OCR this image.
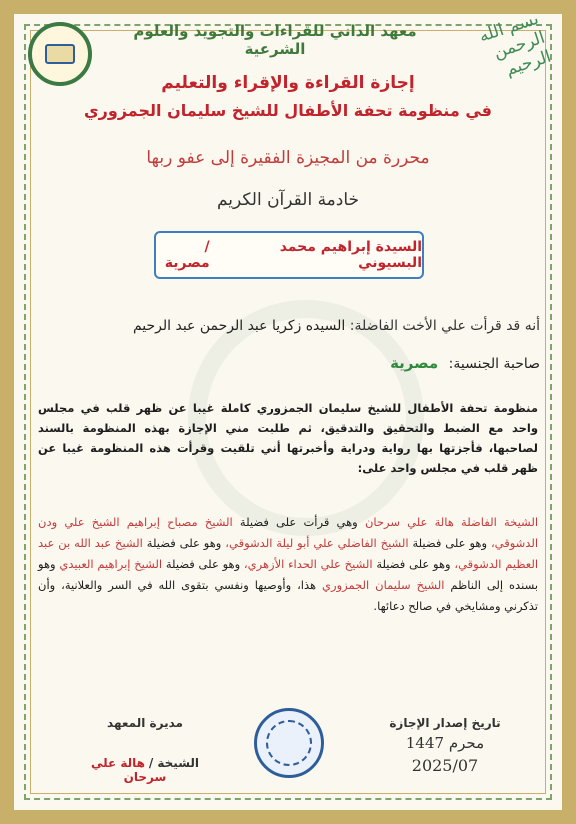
معهد الداني للقراءات والتجويد والعلوم الشرعية
بسم الله الرحمن الرحيم
إجازة القراءة والإقراء والتعليم
في منظومة تحفة الأطفال للشيخ سليمان الجمزوري
محررة من المجيزة الفقيرة إلى عفو ربها
خادمة القرآن الكريم
السيدة إبراهيم محمد البسيوني
/ مصرية
أنه قد قرأت علي الأخت الفاضلة: السيده زكريا عبد الرحمن عبد الرحيم
صاحبة الجنسية: مصرية
منظومة تحفة الأطفال للشيخ سليمان الجمزوري كاملة غيبا عن ظهر قلب في مجلس واحد مع الضبط والتحقيق والتدقيق، ثم طلبت مني الإجازة بهذه المنظومة بالسند لصاحبها، فأجزتها بها رواية ودراية وأخبرتها أني تلقيت وقرأت هذه المنظومة غيبا عن ظهر قلب في مجلس واحد على:
الشيخة الفاضلة هالة علي سرحان وهي قرأت على فضيلة الشيخ مصباح إبراهيم الشيخ علي ودن الدشوقي، وهو على فضيلة الشيخ الفاضلي علي أبو ليلة الدشوقي، وهو على فضيلة الشيخ عبد الله بن عبد العظيم الدشوقي، وهو على فضيلة الشيخ علي الحداء الأزهري، وهو على فضيلة الشيخ إبراهيم العبيدي وهو بسنده إلى الناظم الشيخ سليمان الجمزوري هذا، وأوصيها ونفسي بتقوى الله في السر والعلانية، وأن تذكرني ومشايخي في صالح دعائها.
تاريخ إصدار الإجازة
محرم 1447
2025/07
مديرة المعهد
الشيخة / هالة علي سرحان
